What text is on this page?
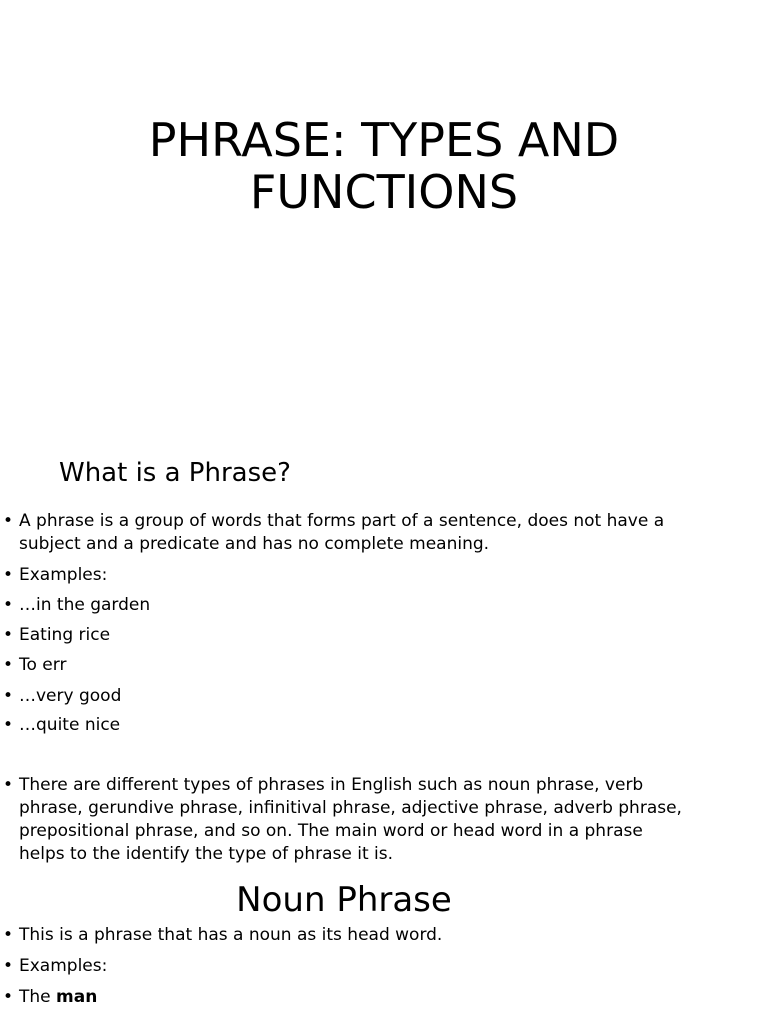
PHRASE: TYPES AND
FUNCTIONS
What is a Phrase?
• A phrase is a group of words that forms part of a sentence, does not have a subject and a predicate and has no complete meaning.
• Examples:
• …in the garden
• Eating rice
• To err
• …very good
• …quite nice
• There are different types of phrases in English such as noun phrase, verb phrase, gerundive phrase, infinitival phrase, adjective phrase, adverb phrase, prepositional phrase, and so on. The main word or head word in a phrase helps to the identify the type of phrase it is.
Noun Phrase
• This is a phrase that has a noun as its head word.
• Examples:
• The man
